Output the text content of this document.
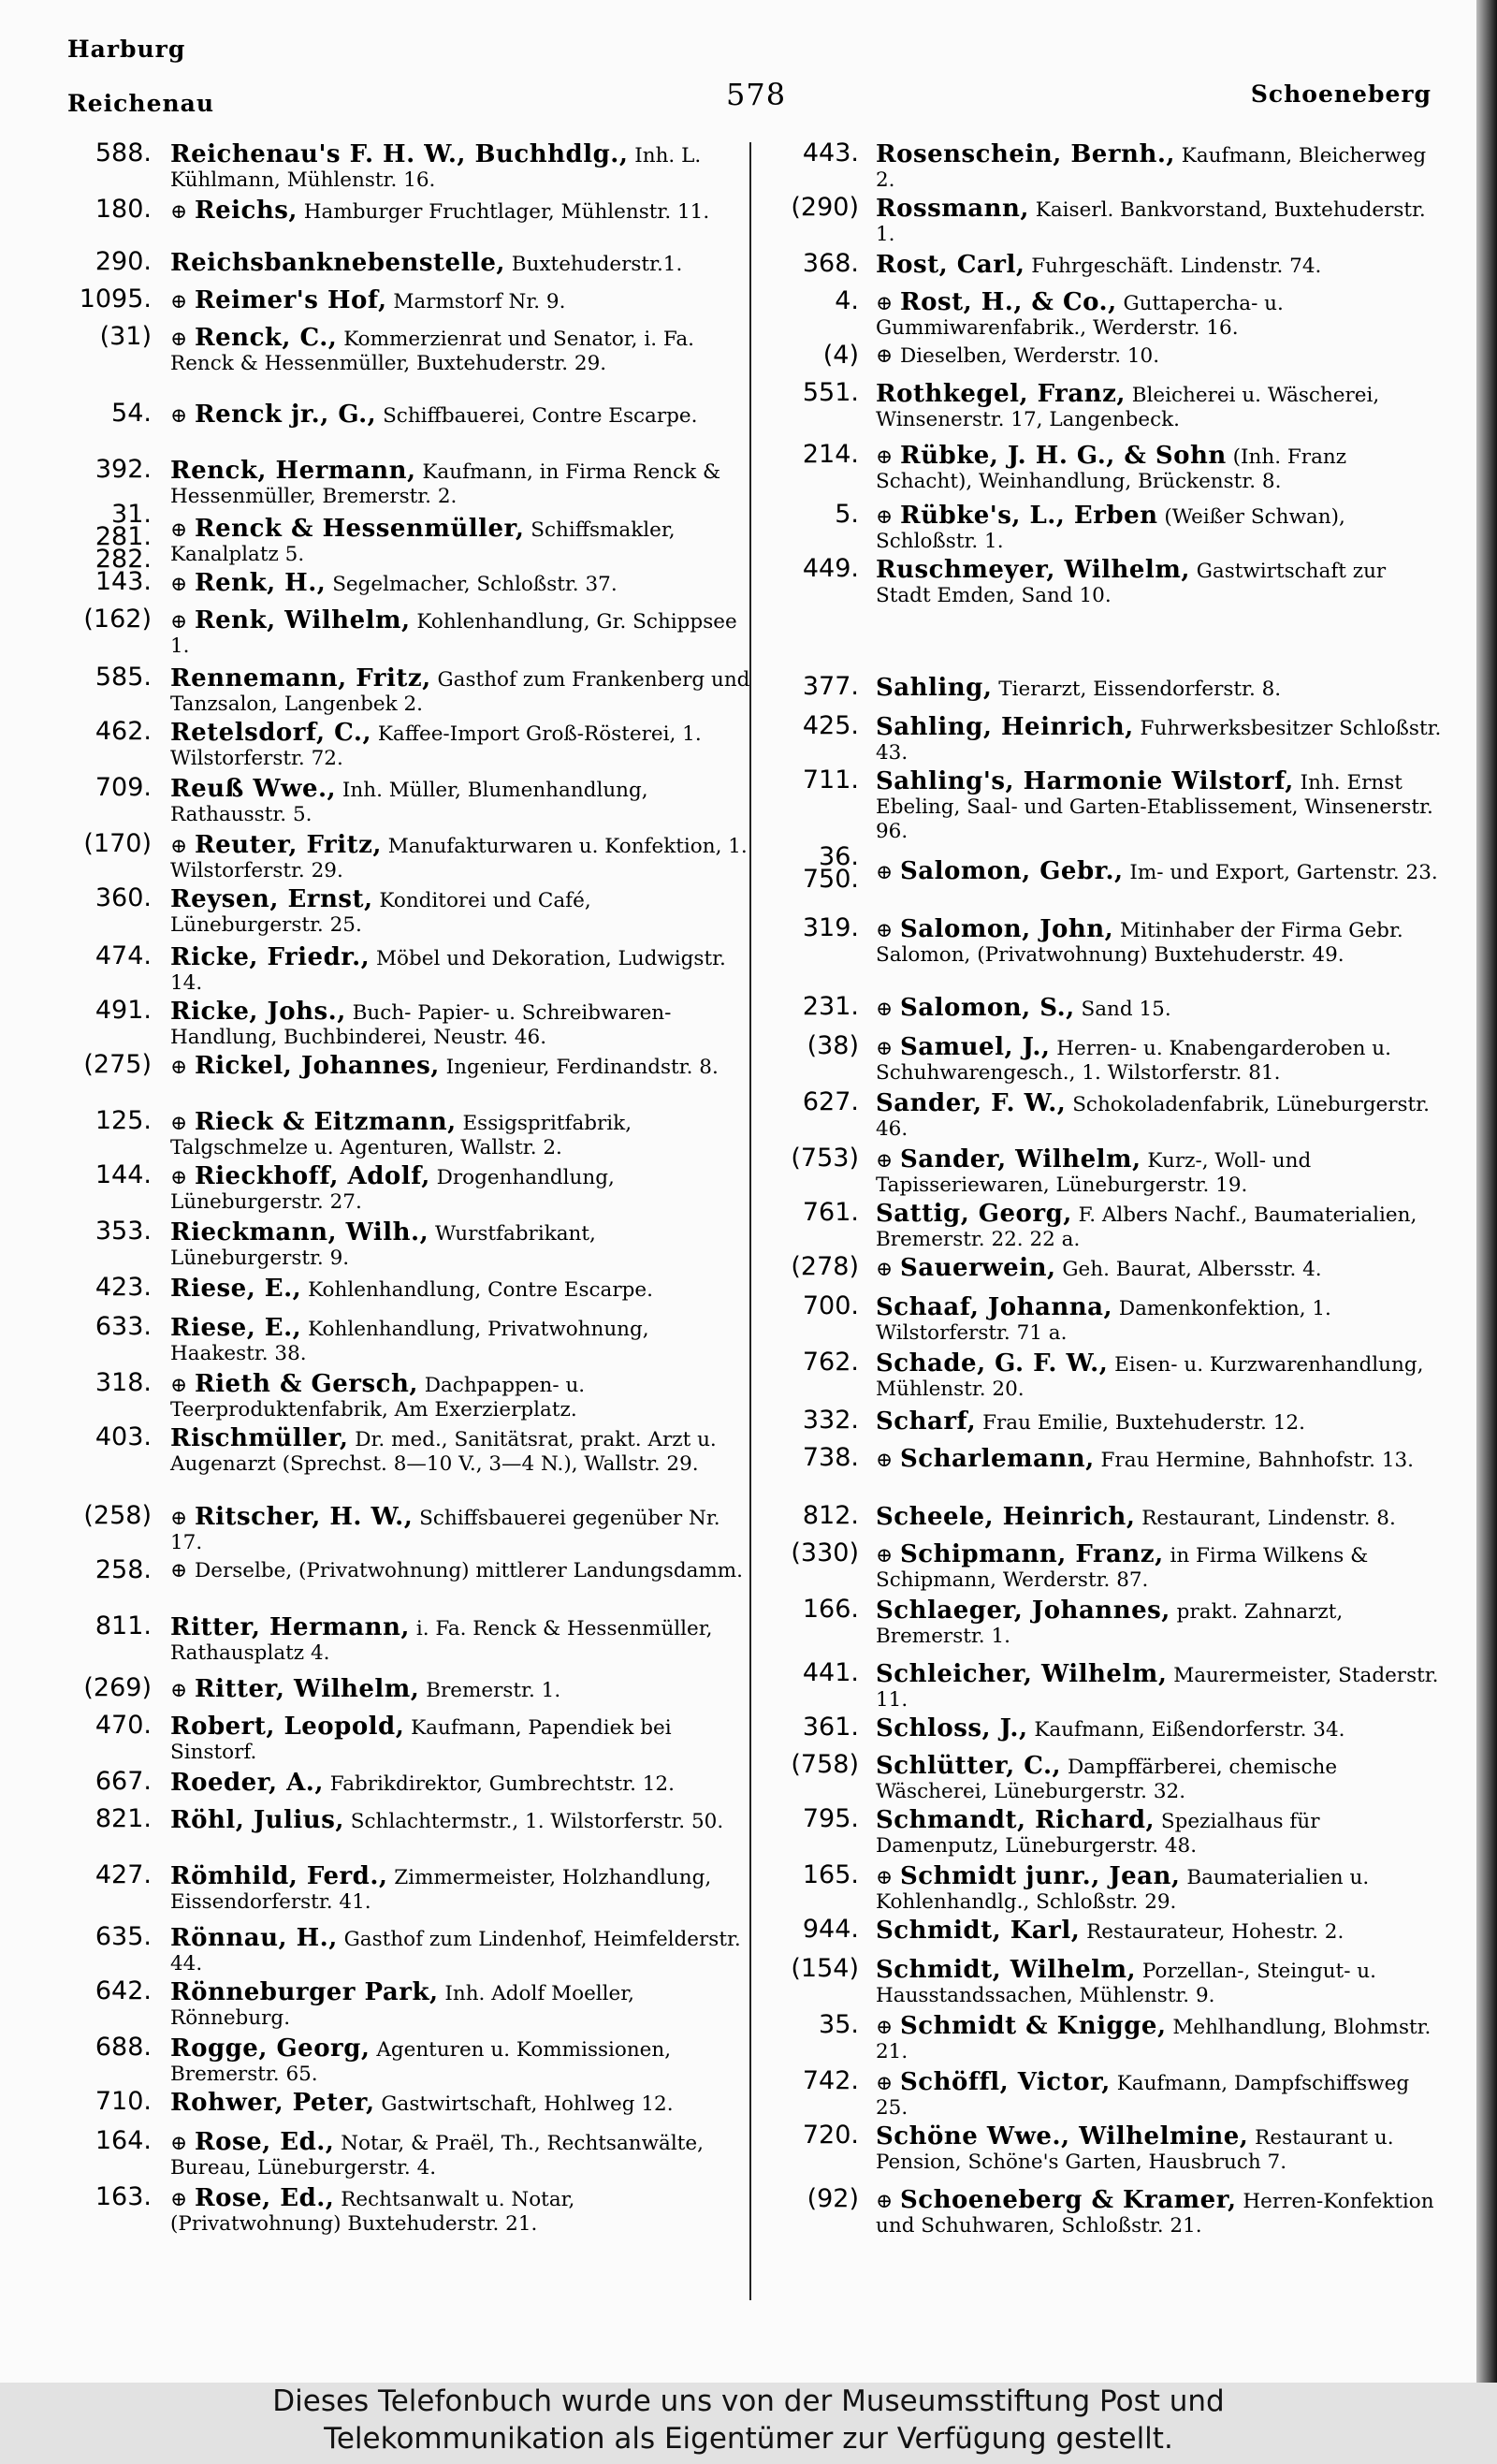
Harburg
Reichenau	578	Schoeneberg
588. Reichenau's F. H. W., Buchhdlg., Inh. L. Kühlmann, Mühlenstr. 16.
180. ⊕ Reichs, Hamburger Fruchtlager, Mühlenstr. 11.
290. Reichsbanknebenstelle, Buxtehuderstr.1.
1095. ⊕ Reimer's Hof, Marmstorf Nr. 9.
(31) ⊕ Renck, C., Kommerzienrat und Senator, i. Fa. Renck & Hessenmüller, Buxtehuderstr. 29.
54. ⊕ Renck jr., G., Schiffbauerei, Contre Escarpe.
392. Renck, Hermann, Kaufmann, in Firma Renck & Hessenmüller, Bremerstr. 2.
31.
281.
282.
⊕ Renck & Hessenmüller, Schiffsmakler, Kanalplatz 5.
143. ⊕ Renk, H., Segelmacher, Schloßstr. 37.
(162) ⊕ Renk, Wilhelm, Kohlenhandlung, Gr. Schippsee 1.
585. Rennemann, Fritz, Gasthof zum Frankenberg und Tanzsalon, Langenbek 2.
462. Retelsdorf, C., Kaffee-Import Groß-Rösterei, 1. Wilstorferstr. 72.
709. Reuß Wwe., Inh. Müller, Blumenhandlung, Rathausstr. 5.
(170) ⊕ Reuter, Fritz, Manufakturwaren u. Konfektion, 1. Wilstorferstr. 29.
360. Reysen, Ernst, Konditorei und Café, Lüneburgerstr. 25.
474. Ricke, Friedr., Möbel und Dekoration, Ludwigstr. 14.
491. Ricke, Johs., Buch- Papier- u. Schreibwaren-Handlung, Buchbinderei, Neustr. 46.
(275) ⊕ Rickel, Johannes, Ingenieur, Ferdinandstr. 8.
125. ⊕ Rieck & Eitzmann, Essigspritfabrik, Talgschmelze u. Agenturen, Wallstr. 2.
144. ⊕ Rieckhoff, Adolf, Drogenhandlung, Lüneburgerstr. 27.
353. Rieckmann, Wilh., Wurstfabrikant, Lüneburgerstr. 9.
423. Riese, E., Kohlenhandlung, Contre Escarpe.
633. Riese, E., Kohlenhandlung, Privatwohnung, Haakestr. 38.
318. ⊕ Rieth & Gersch, Dachpappen- u. Teerproduktenfabrik, Am Exerzierplatz.
403. Rischmüller, Dr. med., Sanitätsrat, prakt. Arzt u. Augenarzt (Sprechst. 8—10 V., 3—4 N.), Wallstr. 29.
(258) ⊕ Ritscher, H. W., Schiffsbauerei gegenüber Nr. 17.
258. ⊕ Derselbe, (Privatwohnung) mittlerer Landungsdamm.
811. Ritter, Hermann, i. Fa. Renck & Hessenmüller, Rathausplatz 4.
(269) ⊕ Ritter, Wilhelm, Bremerstr. 1.
470. Robert, Leopold, Kaufmann, Papendiek bei Sinstorf.
667. Roeder, A., Fabrikdirektor, Gumbrechtstr. 12.
821. Röhl, Julius, Schlachtermstr., 1. Wilstorferstr. 50.
427. Römhild, Ferd., Zimmermeister, Holzhandlung, Eissendorferstr. 41.
635. Rönnau, H., Gasthof zum Lindenhof, Heimfelderstr. 44.
642. Rönneburger Park, Inh. Adolf Moeller, Rönneburg.
688. Rogge, Georg, Agenturen u. Kommissionen, Bremerstr. 65.
710. Rohwer, Peter, Gastwirtschaft, Hohlweg 12.
164. ⊕ Rose, Ed., Notar, & Praël, Th., Rechtsanwälte, Bureau, Lüneburgerstr. 4.
163. ⊕ Rose, Ed., Rechtsanwalt u. Notar, (Privatwohnung) Buxtehuderstr. 21.
443. Rosenschein, Bernh., Kaufmann, Bleicherweg 2.
(290) Rossmann, Kaiserl. Bankvorstand, Buxtehuderstr. 1.
368. Rost, Carl, Fuhrgeschäft. Lindenstr. 74.
4. ⊕ Rost, H., & Co., Guttapercha- u. Gummiwarenfabrik., Werderstr. 16.
(4) ⊕ Dieselben, Werderstr. 10.
551. Rothkegel, Franz, Bleicherei u. Wäscherei, Winsenerstr. 17, Langenbeck.
214. ⊕ Rübke, J. H. G., & Sohn (Inh. Franz Schacht), Weinhandlung, Brückenstr. 8.
5. ⊕ Rübke's, L., Erben (Weißer Schwan), Schloßstr. 1.
449. Ruschmeyer, Wilhelm, Gastwirtschaft zur Stadt Emden, Sand 10.
377. Sahling, Tierarzt, Eissendorferstr. 8.
425. Sahling, Heinrich, Fuhrwerksbesitzer Schloßstr. 43.
711. Sahling's, Harmonie Wilstorf, Inh. Ernst Ebeling, Saal- und Garten-Etablissement, Winsenerstr. 96.
36.
750. ⊕ Salomon, Gebr., Im- und Export, Gartenstr. 23.
319. ⊕ Salomon, John, Mitinhaber der Firma Gebr. Salomon, (Privatwohnung) Buxtehuderstr. 49.
231. ⊕ Salomon, S., Sand 15.
(38) ⊕ Samuel, J., Herren- u. Knabengarderoben u. Schuhwarengesch., 1. Wilstorferstr. 81.
627. Sander, F. W., Schokoladenfabrik, Lüneburgerstr. 46.
(753) ⊕ Sander, Wilhelm, Kurz-, Woll- und Tapisseriewaren, Lüneburgerstr. 19.
761. Sattig, Georg, F. Albers Nachf., Baumaterialien, Bremerstr. 22. 22 a.
(278) ⊕ Sauerwein, Geh. Baurat, Albersstr. 4.
700. Schaaf, Johanna, Damenkonfektion, 1. Wilstorferstr. 71 a.
762. Schade, G. F. W., Eisen- u. Kurzwarenhandlung, Mühlenstr. 20.
332. Scharf, Frau Emilie, Buxtehuderstr. 12.
738. ⊕ Scharlemann, Frau Hermine, Bahnhofstr. 13.
812. Scheele, Heinrich, Restaurant, Lindenstr. 8.
(330) ⊕ Schipmann, Franz, in Firma Wilkens & Schipmann, Werderstr. 87.
166. Schlaeger, Johannes, prakt. Zahnarzt, Bremerstr. 1.
441. Schleicher, Wilhelm, Maurermeister, Staderstr. 11.
361. Schloss, J., Kaufmann, Eißendorferstr. 34.
(758) Schlütter, C., Dampffärberei, chemische Wäscherei, Lüneburgerstr. 32.
795. Schmandt, Richard, Spezialhaus für Damenputz, Lüneburgerstr. 48.
165. ⊕ Schmidt junr., Jean, Baumaterialien u. Kohlenhandlg., Schloßstr. 29.
944. Schmidt, Karl, Restaurateur, Hohestr. 2.
(154) Schmidt, Wilhelm, Porzellan-, Steingut- u. Hausstandssachen, Mühlenstr. 9.
35. ⊕ Schmidt & Knigge, Mehlhandlung, Blohmstr. 21.
742. ⊕ Schöffl, Victor, Kaufmann, Dampfschiffsweg 25.
720. Schöne Wwe., Wilhelmine, Restaurant u. Pension, Schöne's Garten, Hausbruch 7.
(92) ⊕ Schoeneberg & Kramer, Herren-Konfektion und Schuhwaren, Schloßstr. 21.
Dieses Telefonbuch wurde uns von der Museumsstiftung Post und
Telekommunikation als Eigentümer zur Verfügung gestellt.
